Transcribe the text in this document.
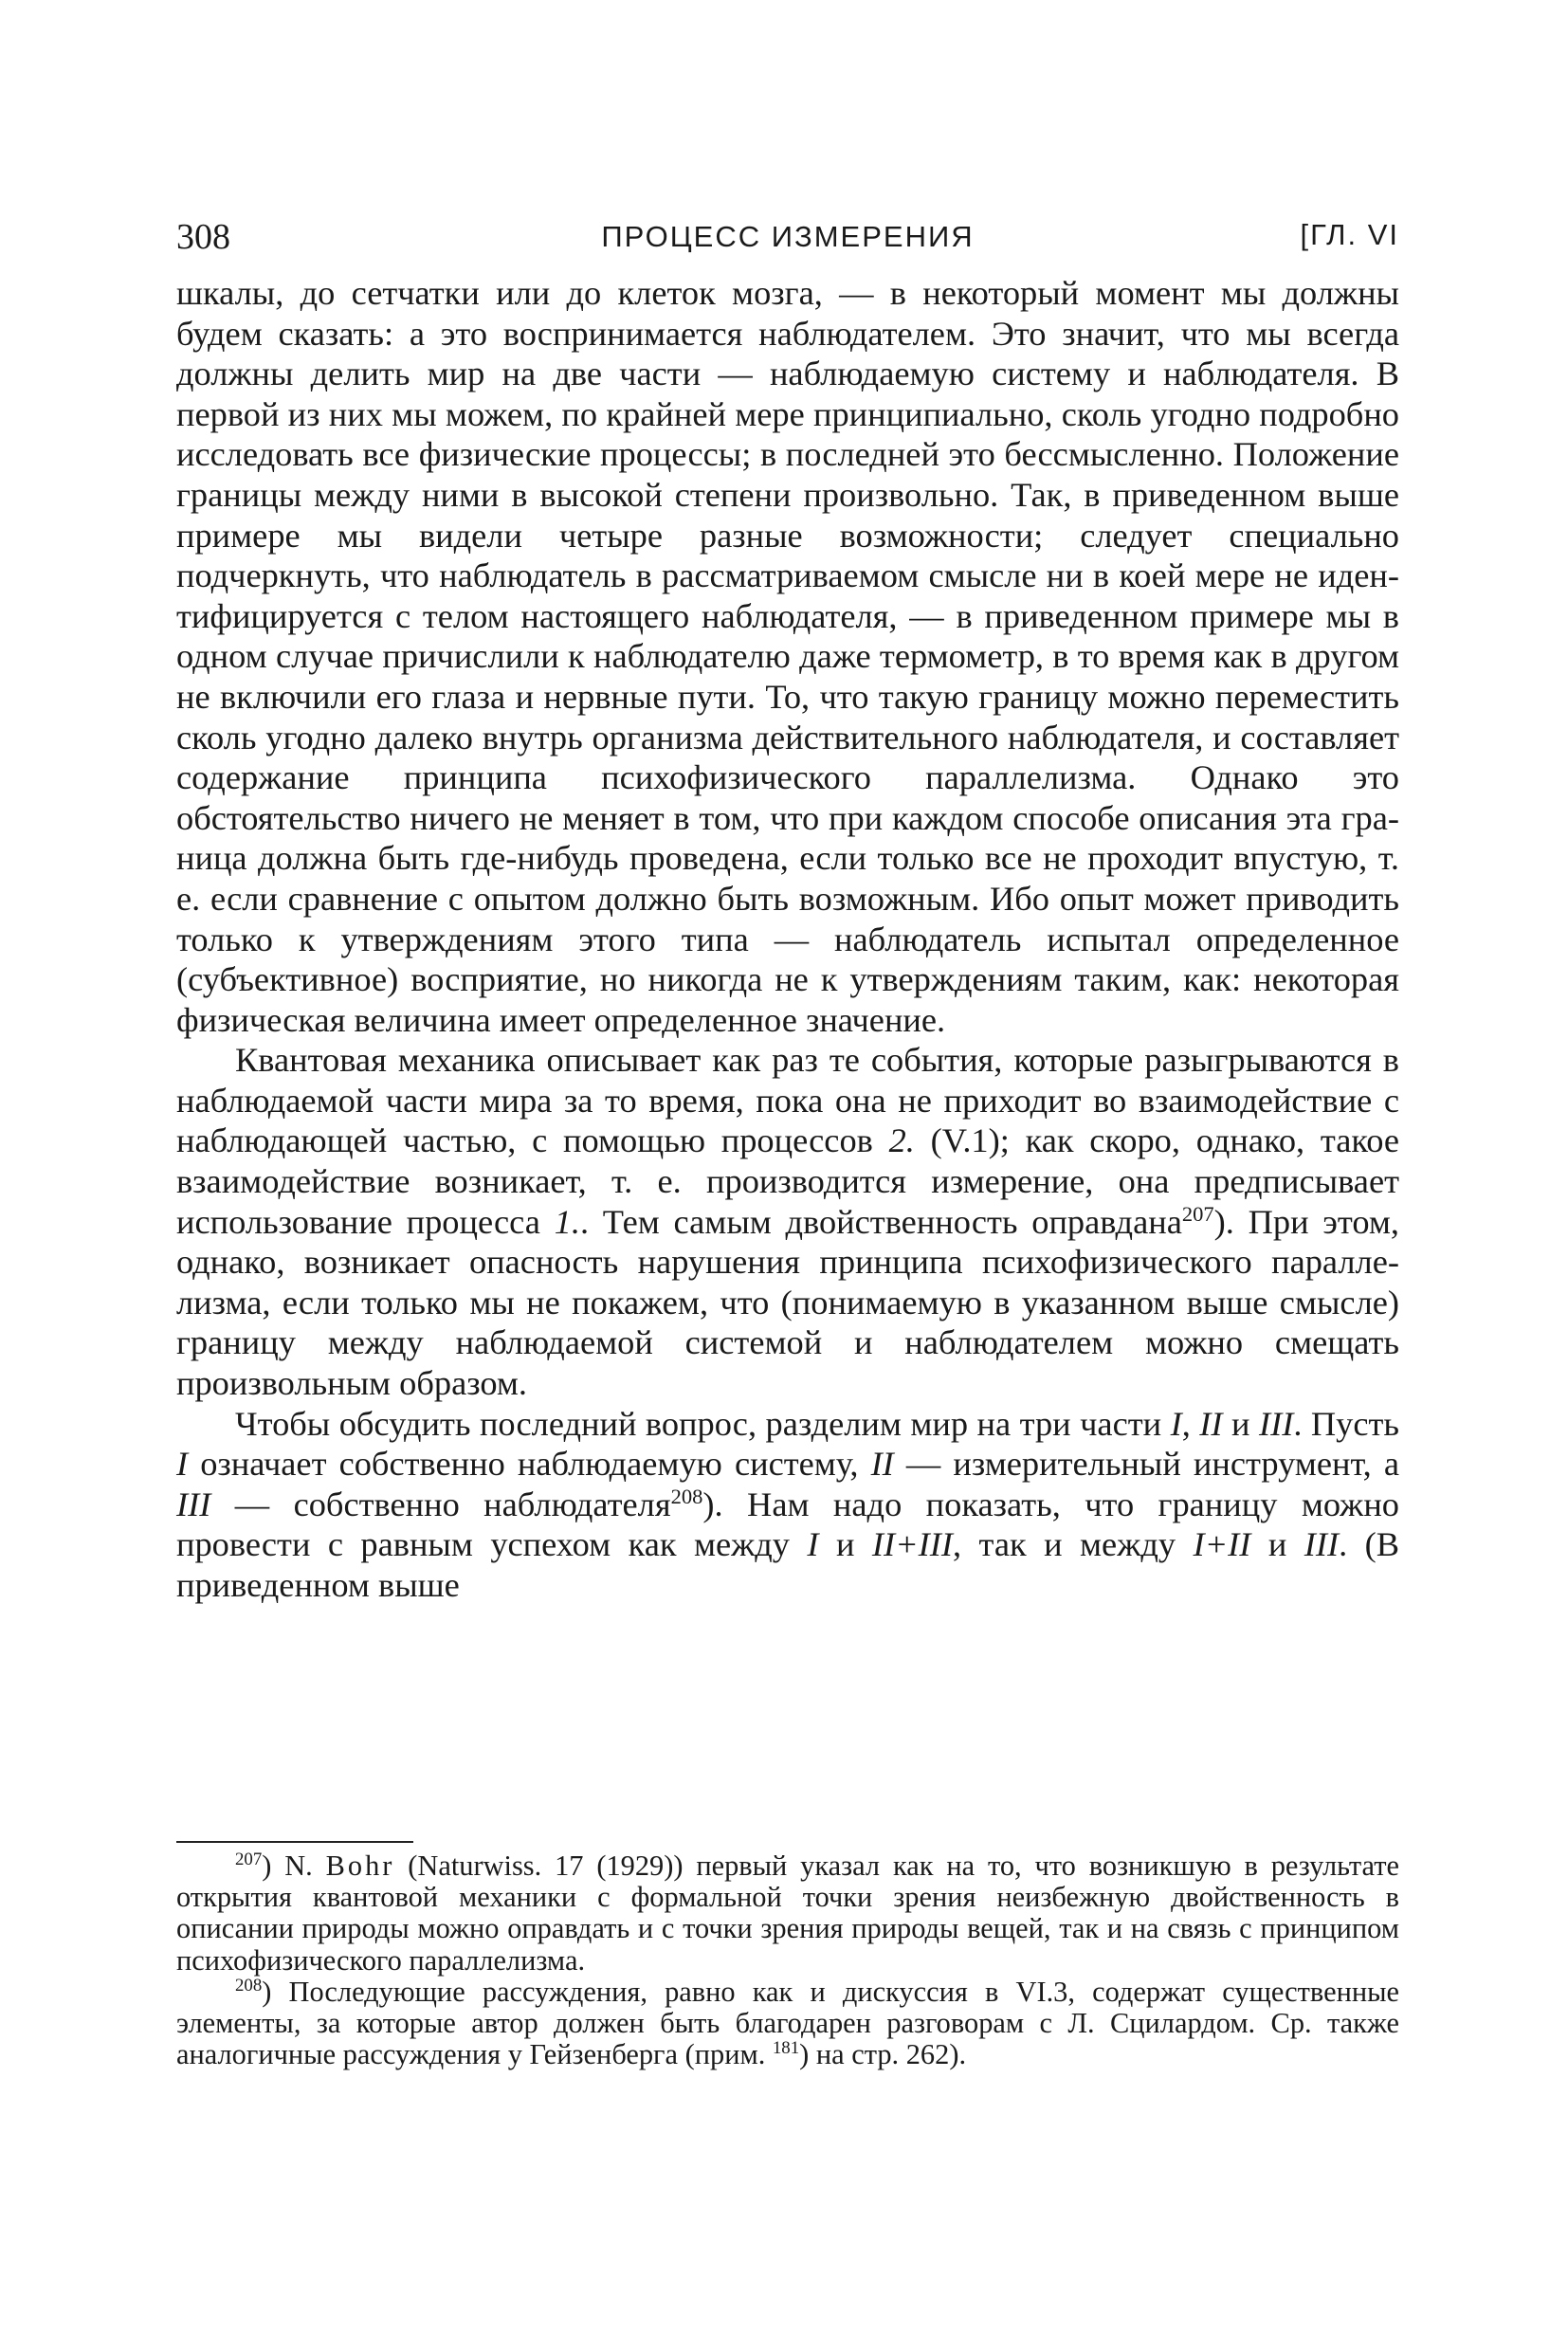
308	ПРОЦЕСС ИЗМЕРЕНИЯ	[ГЛ. VI

шкалы, до сетчатки или до клеток мозга, — в некоторый момент мы должны будем сказать: а это воспринимается наблюдателем. Это значит, что мы всегда должны делить мир на две части — наблюдаемую систему и наблюдателя. В первой из них мы можем, по крайней мере принципиально, сколь угодно подробно исследовать все физические процессы; в последней это бессмысленно. Положение границы между ними в высокой степени произвольно. Так, в приведенном выше примере мы видели четыре разные возможности; следует специально подчеркнуть, что наблюдатель в рассматриваемом смысле ни в коей мере не идентифицируется с телом настоящего наблюдателя, — в приведенном примере мы в одном случае причислили к наблюдателю даже термометр, в то время как в другом не включили его глаза и нервные пути. То, что такую границу можно переместить сколь угодно далеко внутрь организма действительного наблюдателя, и составляет содержание принципа психофизического параллелизма. Однако это обстоятельство ничего не меняет в том, что при каждом способе описания эта граница должна быть где-нибудь проведена, если только все не проходит впустую, т. е. если сравнение с опытом должно быть возможным. Ибо опыт может приводить только к утверждениям этого типа — наблюдатель испытал определенное (субъективное) восприятие, но никогда не к утверждениям таким, как: некоторая физическая величина имеет определенное значение.

Квантовая механика описывает как раз те события, которые разыгрываются в наблюдаемой части мира за то время, пока она не приходит во взаимодействие с наблюдающей частью, с помощью процессов 2. (V.1); как скоро, однако, такое взаимодействие возникает, т. е. производится измерение, она предписывает использование процесса 1.. Тем самым двойственность оправдана$^{207}$). При этом, однако, возникает опасность нарушения принципа психофизического параллелизма, если только мы не покажем, что (понимаемую в указанном выше смысле) границу между наблюдаемой системой и наблюдателем можно смещать произвольным образом.

Чтобы обсудить последний вопрос, разделим мир на три части I, II и III. Пусть I означает собственно наблюдаемую систему, II — измерительный инструмент, а III — собственно наблюдателя$^{208}$). Нам надо показать, что границу можно провести с равным успехом как между I и II+III, так и между I+II и III. (В приведенном выше

$^{207}$) N. Bohr (Naturwiss. 17 (1929)) первый указал как на то, что возникшую в результате открытия квантовой механики с формальной точки зрения неизбежную двойственность в описании природы можно оправдать и с точки зрения природы вещей, так и на связь с принципом психофизического параллелизма.

$^{208}$) Последующие рассуждения, равно как и дискуссия в VI.3, содержат существенные элементы, за которые автор должен быть благодарен разговорам с Л. Сцилардом. Ср. также аналогичные рассуждения у Гейзенберга (прим. $^{181}$) на стр. 262).
